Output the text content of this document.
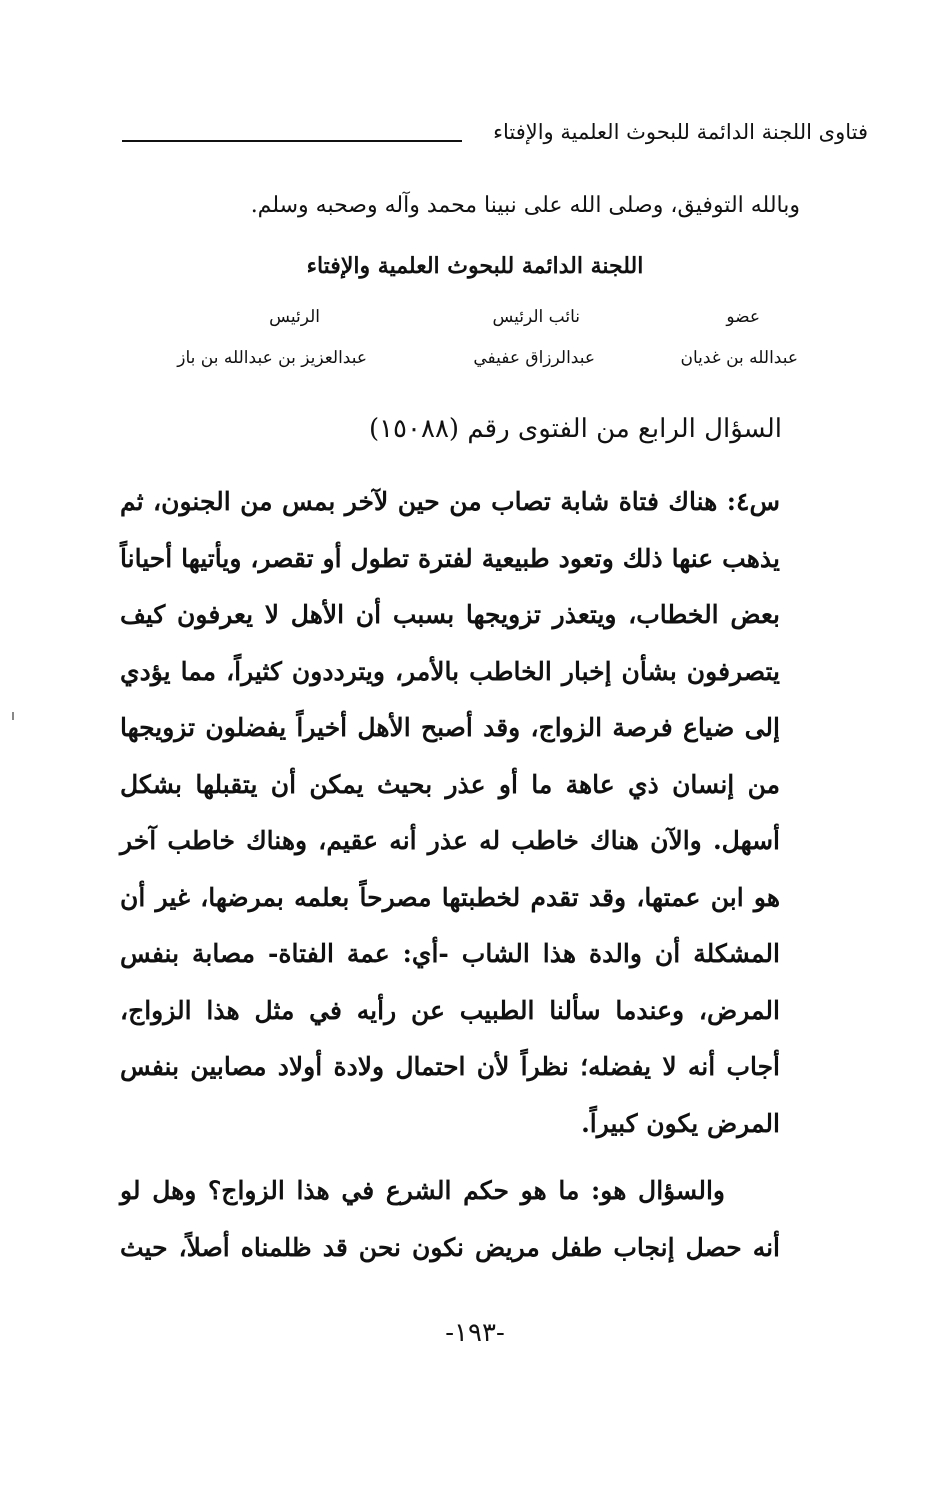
فتاوى اللجنة الدائمة للبحوث العلمية والإفتاء
وبالله التوفيق، وصلى الله على نبينا محمد وآله وصحبه وسلم.
اللجنة الدائمة للبحوث العلمية والإفتاء
عضو
عبدالله بن غديان
نائب الرئيس
عبدالرزاق عفيفي
الرئيس
عبدالعزيز بن عبدالله بن باز
السؤال الرابع من الفتوى رقم (١٥٠٨٨)
س٤: هناك فتاة شابة تصاب من حين لآخر بمس من الجنون، ثم يذهب عنها ذلك وتعود طبيعية لفترة تطول أو تقصر، ويأتيها أحياناً بعض الخطاب، ويتعذر تزويجها بسبب أن الأهل لا يعرفون كيف يتصرفون بشأن إخبار الخاطب بالأمر، ويترددون كثيراً، مما يؤدي إلى ضياع فرصة الزواج، وقد أصبح الأهل أخيراً يفضلون تزويجها من إنسان ذي عاهة ما أو عذر بحيث يمكن أن يتقبلها بشكل أسهل. والآن هناك خاطب له عذر أنه عقيم، وهناك خاطب آخر هو ابن عمتها، وقد تقدم لخطبتها مصرحاً بعلمه بمرضها، غير أن المشكلة أن والدة هذا الشاب -أي: عمة الفتاة- مصابة بنفس المرض، وعندما سألنا الطبيب عن رأيه في مثل هذا الزواج، أجاب أنه لا يفضله؛ نظراً لأن احتمال ولادة أولاد مصابين بنفس المرض يكون كبيراً.
والسؤال هو: ما هو حكم الشرع في هذا الزواج؟ وهل لو أنه حصل إنجاب طفل مريض نكون نحن قد ظلمناه أصلاً، حيث
-١٩٣-
